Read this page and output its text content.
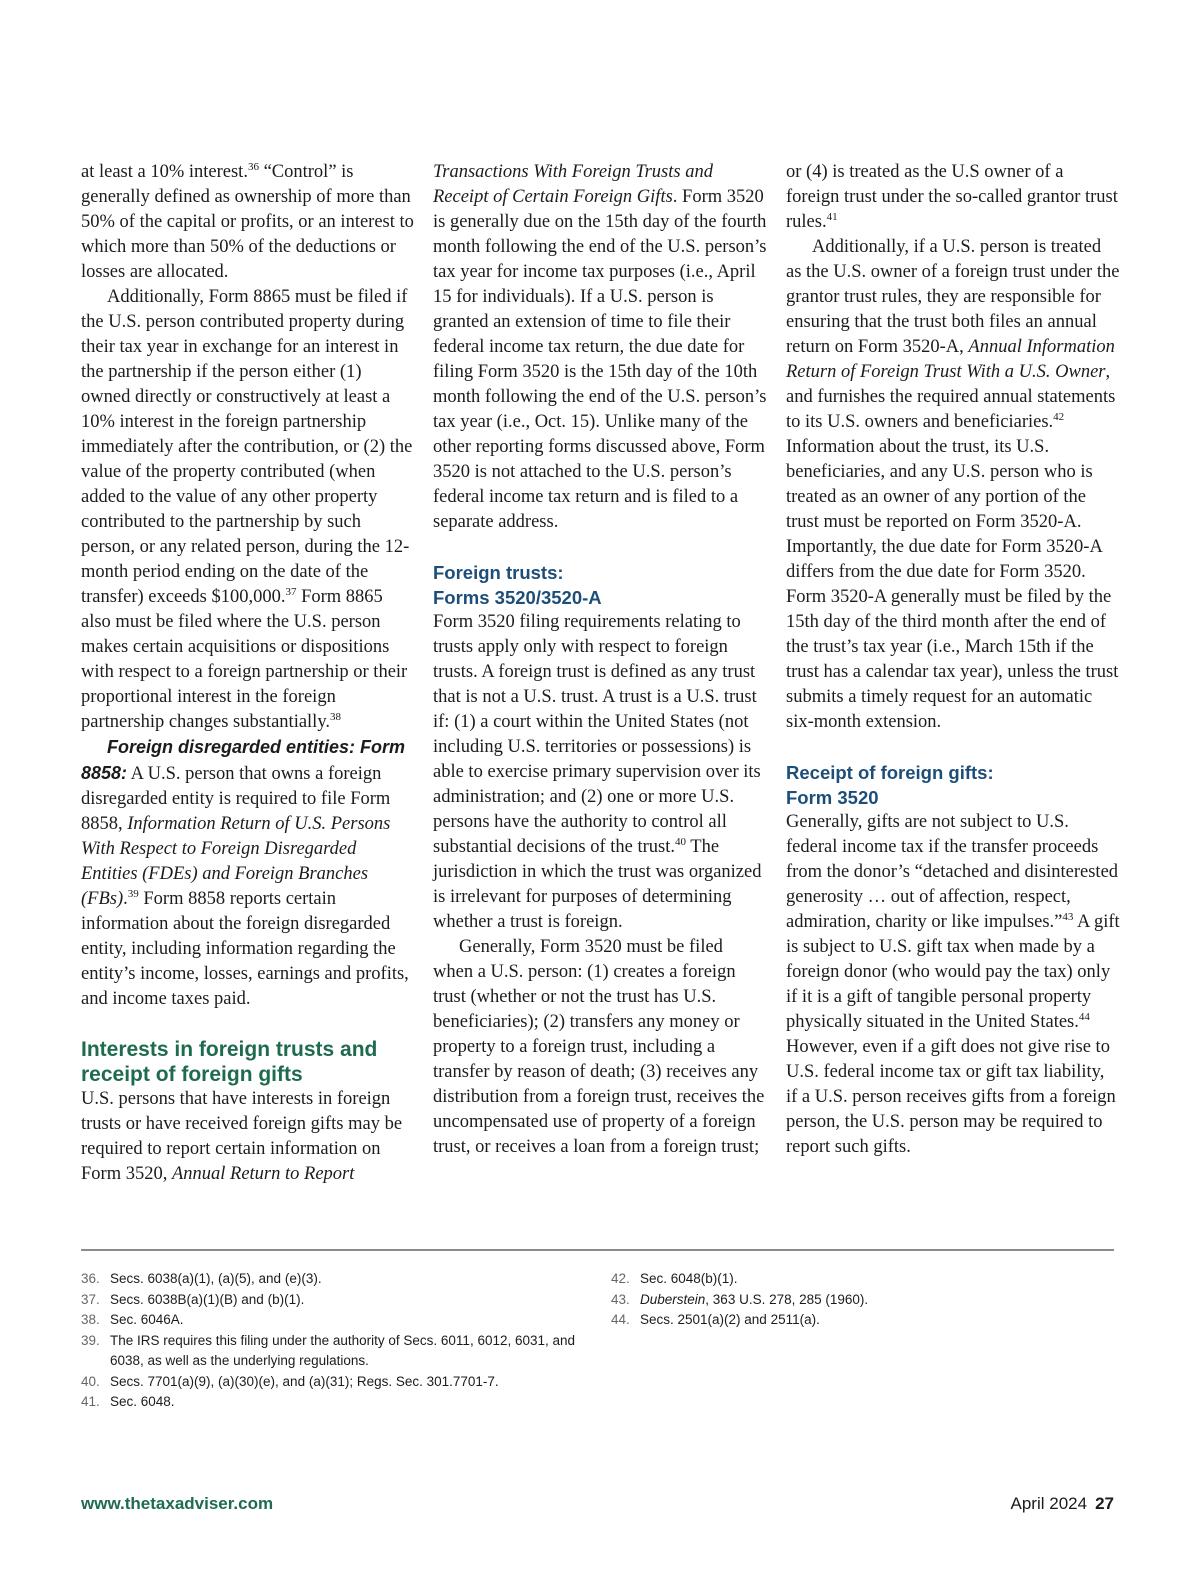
at least a 10% interest.$^{36}$ “Control” is generally defined as ownership of more than 50% of the capital or profits, or an interest to which more than 50% of the deductions or losses are allocated.

Additionally, Form 8865 must be filed if the U.S. person contributed property during their tax year in exchange for an interest in the partnership if the person either (1) owned directly or constructively at least a 10% interest in the foreign partnership immediately after the contribution, or (2) the value of the property contributed (when added to the value of any other property contributed to the partnership by such person, or any related person, during the 12-month period ending on the date of the transfer) exceeds $100,000.37 Form 8865 also must be filed where the U.S. person makes certain acquisitions or dispositions with respect to a foreign partnership or their proportional interest in the foreign partnership changes substantially.$^{38}$

Foreign disregarded entities: Form 8858: A U.S. person that owns a foreign disregarded entity is required to file Form 8858, Information Return of U.S. Persons With Respect to Foreign Disregarded Entities (FDEs) and Foreign Branches (FBs).$^{39}$ Form 8858 reports certain information about the foreign disregarded entity, including information regarding the entity’s income, losses, earnings and profits, and income taxes paid.

Interests in foreign trusts and receipt of foreign gifts

U.S. persons that have interests in foreign trusts or have received foreign gifts may be required to report certain information on Form 3520, Annual Return to Report

Transactions With Foreign Trusts and Receipt of Certain Foreign Gifts. Form 3520 is generally due on the 15th day of the fourth month following the end of the U.S. person’s tax year for income tax purposes (i.e., April 15 for individuals). If a U.S. person is granted an extension of time to file their federal income tax return, the due date for filing Form 3520 is the 15th day of the 10th month following the end of the U.S. person’s tax year (i.e., Oct. 15). Unlike many of the other reporting forms discussed above, Form 3520 is not attached to the U.S. person’s federal income tax return and is filed to a separate address.

Foreign trusts:
Forms 3520/3520-A

Form 3520 filing requirements relating to trusts apply only with respect to foreign trusts. A foreign trust is defined as any trust that is not a U.S. trust. A trust is a U.S. trust if: (1) a court within the United States (not including U.S. territories or possessions) is able to exercise primary supervision over its administration; and (2) one or more U.S. persons have the authority to control all substantial decisions of the trust.$^{40}$ The jurisdiction in which the trust was organized is irrelevant for purposes of determining whether a trust is foreign.

Generally, Form 3520 must be filed when a U.S. person: (1) creates a foreign trust (whether or not the trust has U.S. beneficiaries); (2) transfers any money or property to a foreign trust, including a transfer by reason of death; (3) receives any distribution from a foreign trust, receives the uncompensated use of property of a foreign trust, or receives a loan from a foreign trust;

or (4) is treated as the U.S owner of a foreign trust under the so-called grantor trust rules.$^{41}$

Additionally, if a U.S. person is treated as the U.S. owner of a foreign trust under the grantor trust rules, they are responsible for ensuring that the trust both files an annual return on Form 3520-A, Annual Information Return of Foreign Trust With a U.S. Owner, and furnishes the required annual statements to its U.S. owners and beneficiaries.$^{42}$ Information about the trust, its U.S. beneficiaries, and any U.S. person who is treated as an owner of any portion of the trust must be reported on Form 3520-A. Importantly, the due date for Form 3520-A differs from the due date for Form 3520. Form 3520-A generally must be filed by the 15th day of the third month after the end of the trust’s tax year (i.e., March 15th if the trust has a calendar tax year), unless the trust submits a timely request for an automatic six-month extension.

Receipt of foreign gifts:
Form 3520

Generally, gifts are not subject to U.S. federal income tax if the transfer proceeds from the donor’s “detached and disinterested generosity … out of affection, respect, admiration, charity or like impulses.”$^{43}$ A gift is subject to U.S. gift tax when made by a foreign donor (who would pay the tax) only if it is a gift of tangible personal property physically situated in the United States.$^{44}$ However, even if a gift does not give rise to U.S. federal income tax or gift tax liability, if a U.S. person receives gifts from a foreign person, the U.S. person may be required to report such gifts.

36. Secs. 6038(a)(1), (a)(5), and (e)(3).
37. Secs. 6038B(a)(1)(B) and (b)(1).
38. Sec. 6046A.
39. The IRS requires this filing under the authority of Secs. 6011, 6012, 6031, and 6038, as well as the underlying regulations.
40. Secs. 7701(a)(9), (a)(30)(e), and (a)(31); Regs. Sec. 301.7701-7.
41. Sec. 6048.
42. Sec. 6048(b)(1).
43. Duberstein, 363 U.S. 278, 285 (1960).
44. Secs. 2501(a)(2) and 2511(a).
www.thetaxadviser.com	April 2024 27
